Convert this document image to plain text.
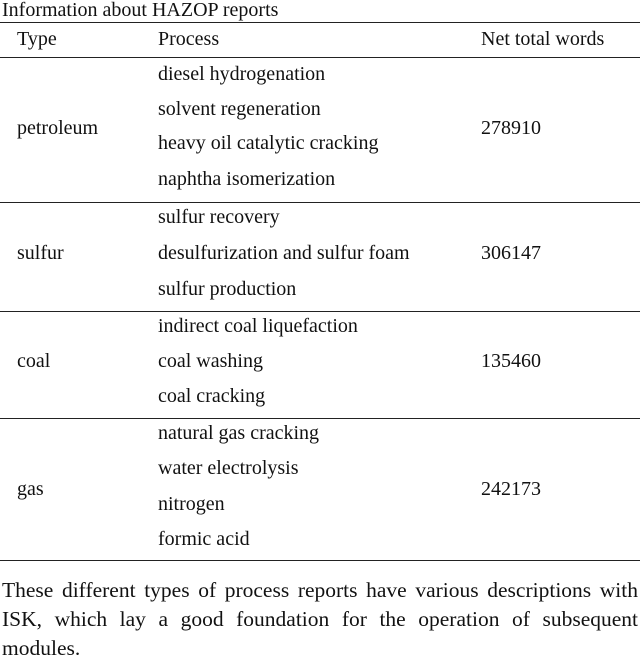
Information about HAZOP reports
Type	Process	Net total words
petroleum
diesel hydrogenation
solvent regeneration
heavy oil catalytic cracking
naphtha isomerization
278910
sulfur
sulfur recovery
desulfurization and sulfur foam
sulfur production
306147
coal
indirect coal liquefaction
coal washing
coal cracking
135460
gas
natural gas cracking
water electrolysis
nitrogen
formic acid
242173
These different types of process reports have various descriptions with ISK, which lay a good foundation for the operation of subsequent modules.
